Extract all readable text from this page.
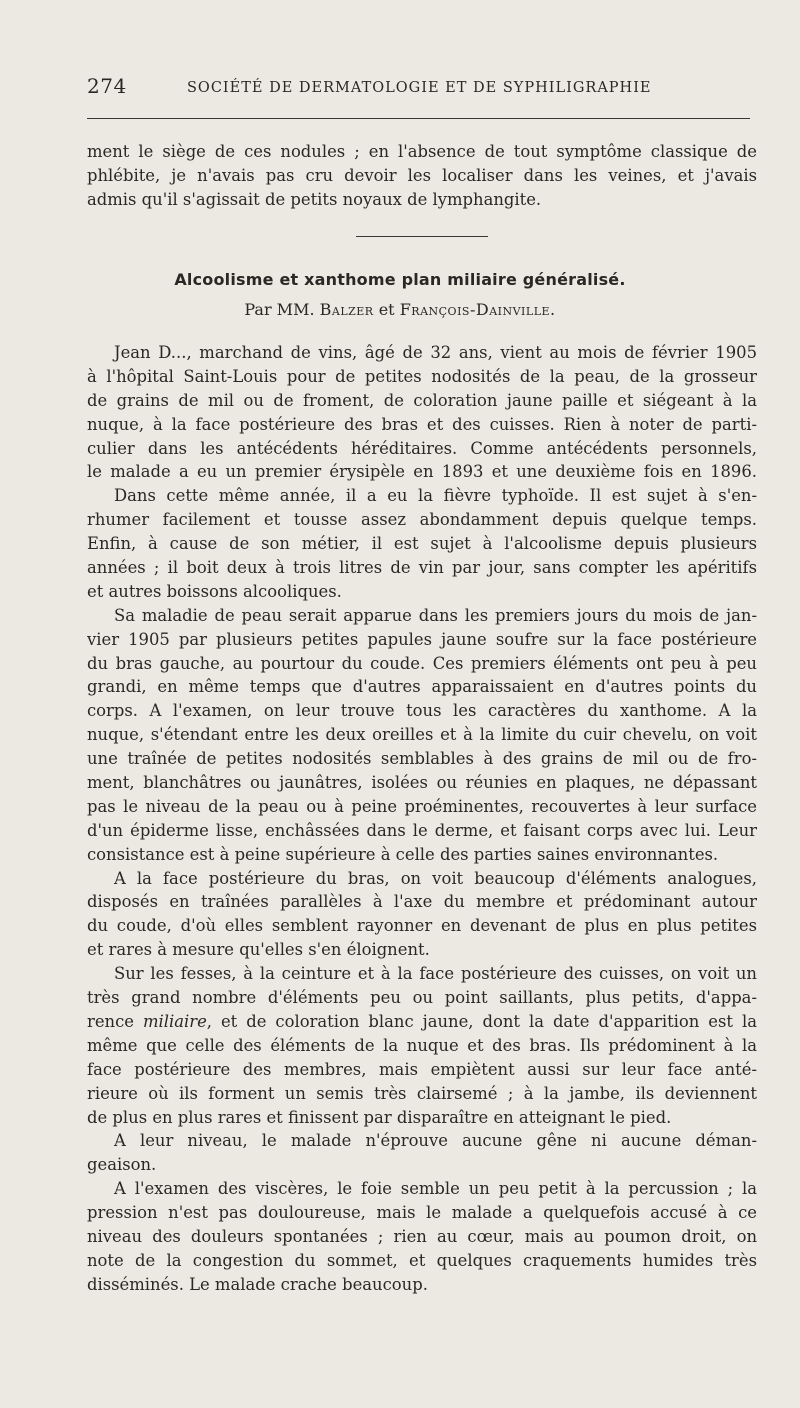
274	SOCIÉTÉ DE DERMATOLOGIE ET DE SYPHILIGRAPHIE
ment le siège de ces nodules ; en l'absence de tout symptôme classique de
phlébite, je n'avais pas cru devoir les localiser dans les veines, et j'avais
admis qu'il s'agissait de petits noyaux de lymphangite.
Alcoolisme et xanthome plan miliaire généralisé.
Par MM. Balzer et François-Dainville.
Jean D..., marchand de vins, âgé de 32 ans, vient au mois de février 1905
à l'hôpital Saint-Louis pour de petites nodosités de la peau, de la grosseur
de grains de mil ou de froment, de coloration jaune paille et siégeant à la
nuque, à la face postérieure des bras et des cuisses. Rien à noter de parti-
culier dans les antécédents héréditaires. Comme antécédents personnels,
le malade a eu un premier érysipèle en 1893 et une deuxième fois en 1896.
Dans cette même année, il a eu la fièvre typhoïde. Il est sujet à s'en-
rhumer facilement et tousse assez abondamment depuis quelque temps.
Enfin, à cause de son métier, il est sujet à l'alcoolisme depuis plusieurs
années ; il boit deux à trois litres de vin par jour, sans compter les apéritifs
et autres boissons alcooliques.
Sa maladie de peau serait apparue dans les premiers jours du mois de jan-
vier 1905 par plusieurs petites papules jaune soufre sur la face postérieure
du bras gauche, au pourtour du coude. Ces premiers éléments ont peu à peu
grandi, en même temps que d'autres apparaissaient en d'autres points du
corps. A l'examen, on leur trouve tous les caractères du xanthome. A la
nuque, s'étendant entre les deux oreilles et à la limite du cuir chevelu, on voit
une traînée de petites nodosités semblables à des grains de mil ou de fro-
ment, blanchâtres ou jaunâtres, isolées ou réunies en plaques, ne dépassant
pas le niveau de la peau ou à peine proéminentes, recouvertes à leur surface
d'un épiderme lisse, enchâssées dans le derme, et faisant corps avec lui. Leur
consistance est à peine supérieure à celle des parties saines environnantes.
A la face postérieure du bras, on voit beaucoup d'éléments analogues,
disposés en traînées parallèles à l'axe du membre et prédominant autour
du coude, d'où elles semblent rayonner en devenant de plus en plus petites
et rares à mesure qu'elles s'en éloignent.
Sur les fesses, à la ceinture et à la face postérieure des cuisses, on voit un
très grand nombre d'éléments peu ou point saillants, plus petits, d'appa-
rence miliaire, et de coloration blanc jaune, dont la date d'apparition est la
même que celle des éléments de la nuque et des bras. Ils prédominent à la
face postérieure des membres, mais empiètent aussi sur leur face anté-
rieure où ils forment un semis très clairsemé ; à la jambe, ils deviennent
de plus en plus rares et finissent par disparaître en atteignant le pied.
A leur niveau, le malade n'éprouve aucune gêne ni aucune déman-
geaison.
A l'examen des viscères, le foie semble un peu petit à la percussion ; la
pression n'est pas douloureuse, mais le malade a quelquefois accusé à ce
niveau des douleurs spontanées ; rien au cœur, mais au poumon droit, on
note de la congestion du sommet, et quelques craquements humides très
disséminés. Le malade crache beaucoup.
